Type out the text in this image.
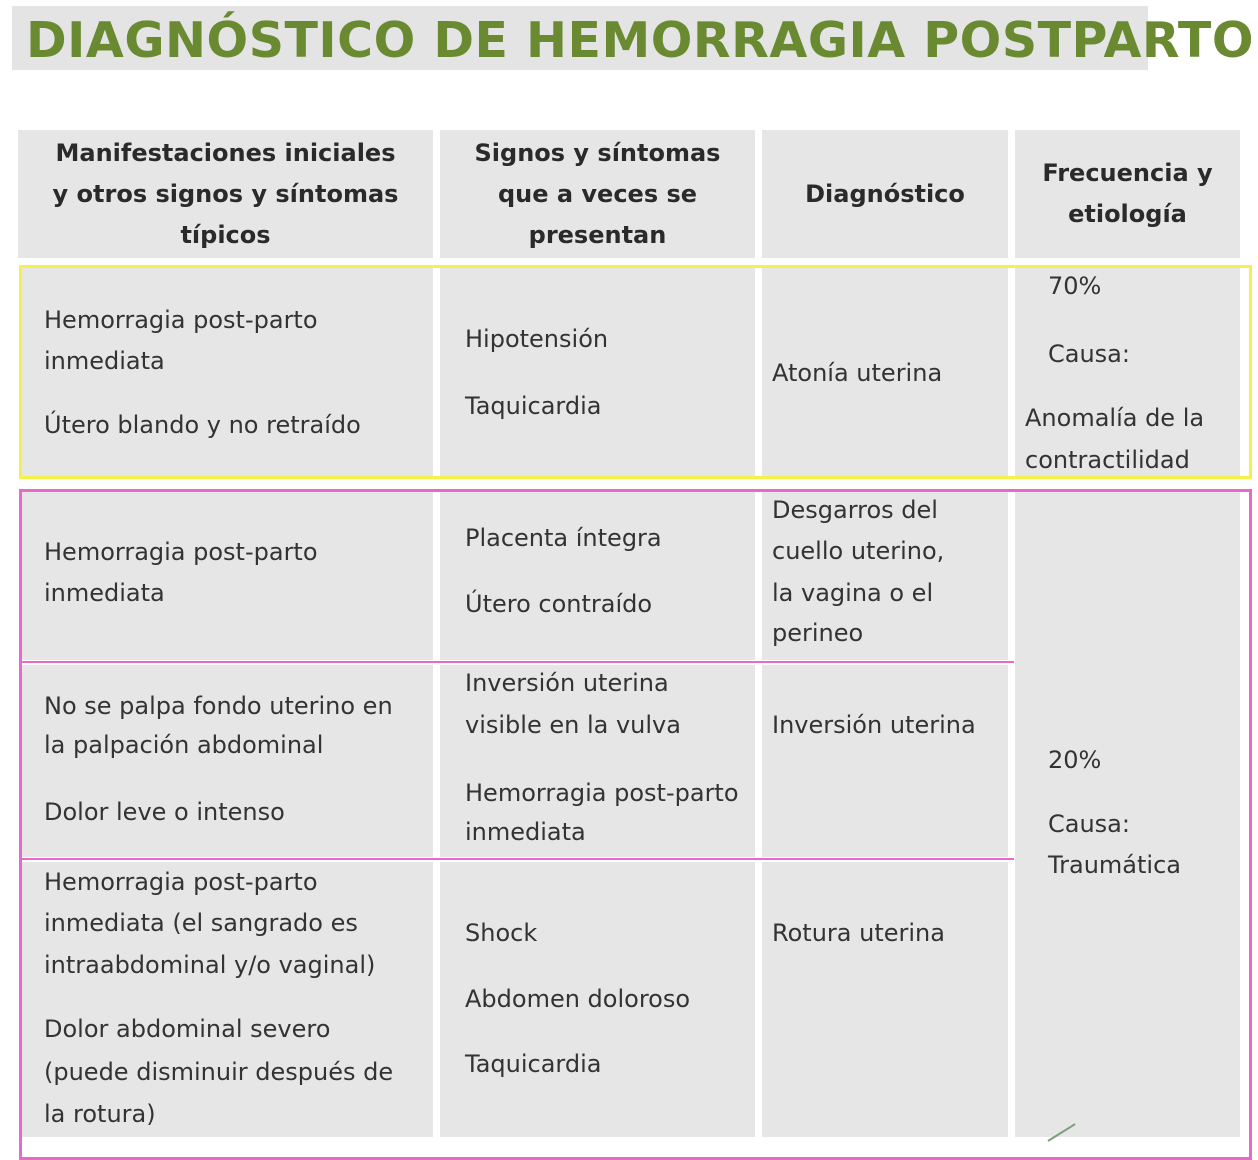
DIAGNÓSTICO DE HEMORRAGIA POSTPARTO
Manifestaciones iniciales
y otros signos y síntomas
típicos
Signos y síntomas
que a veces se
presentan
Diagnóstico
Frecuencia y
etiología
Hemorragia post-parto
inmediata
Útero blando y no retraído
Hipotensión
Taquicardia
Atonía uterina
70%
Causa:
Anomalía de la
contractilidad
Hemorragia post-parto
inmediata
Placenta íntegra
Útero contraído
Desgarros del
cuello uterino,
la vagina o el
perineo
20%
Causa:
Traumática
No se palpa fondo uterino en
la palpación abdominal
Dolor leve o intenso
Inversión uterina
visible en la vulva
Hemorragia post-parto
inmediata
Inversión uterina
Hemorragia post-parto
inmediata (el sangrado es
intraabdominal y/o vaginal)
Dolor abdominal severo
(puede disminuir después de
la rotura)
Shock
Abdomen doloroso
Taquicardia
Rotura uterina
